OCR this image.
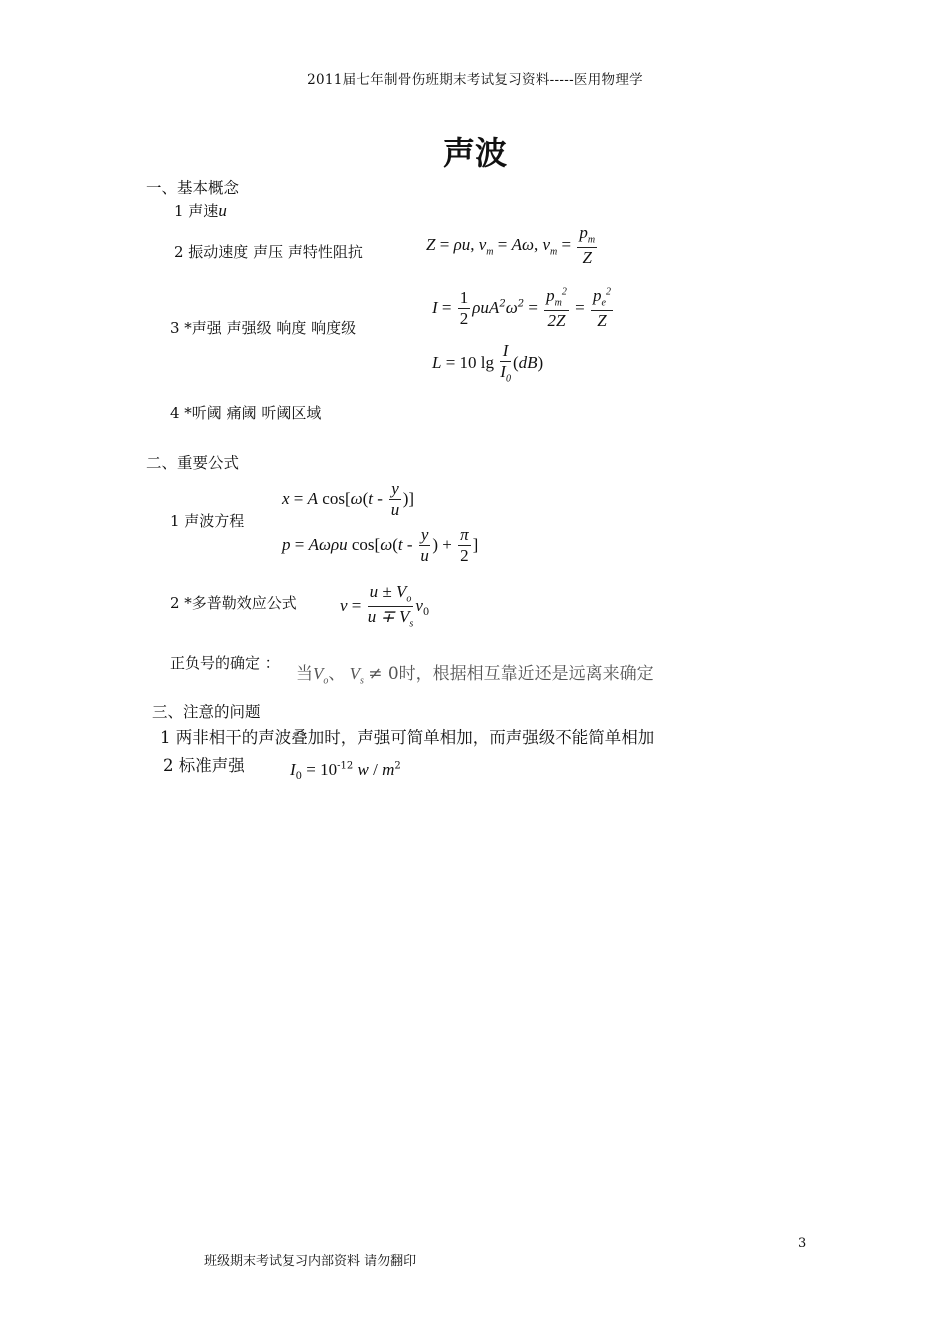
2011届七年制骨伤班期末考试复习资料-----医用物理学
声波
一、基本概念
1 声速u
2 振动速度 声压 声特性阻抗	Z = ρu, $v_m = A\omega$, $v_m = \frac{p_m}{Z}$
3 *声强 声强级 响度 响度级
$I = \frac{1}{2} \rho uA^2\omega^2 = \frac{p_m^2}{2Z} = \frac{p_e^2}{Z}$
L = 10 $\lg \frac{I}{I_0} (dB)$
4 *听阈 痛阈 听阈区域
二、重要公式
1 声波方程
x = A $\cos[\omega(t - \frac{y}{u}$ )]
p = Aωρu $\cos[\omega(t - \frac{y}{u}$ ) + $\frac{\pi}{2}$ ]
2 *多普勒效应公式	$\nu = \frac{u \pm V_o}{u \mp V_s} \nu_0$
正负号的确定 ：
当$V_o$、 $V_s \ne 0$时，根据相互靠近还是远离来确定
三、注意的问题
1 两非相干的声波叠加时，声强可简单相加，而声强级不能简单相加
2 标准声强	$I_0 = 10^{-12}$ w / $m^2$
3
班级期末考试复习内部资料 请勿翻印
